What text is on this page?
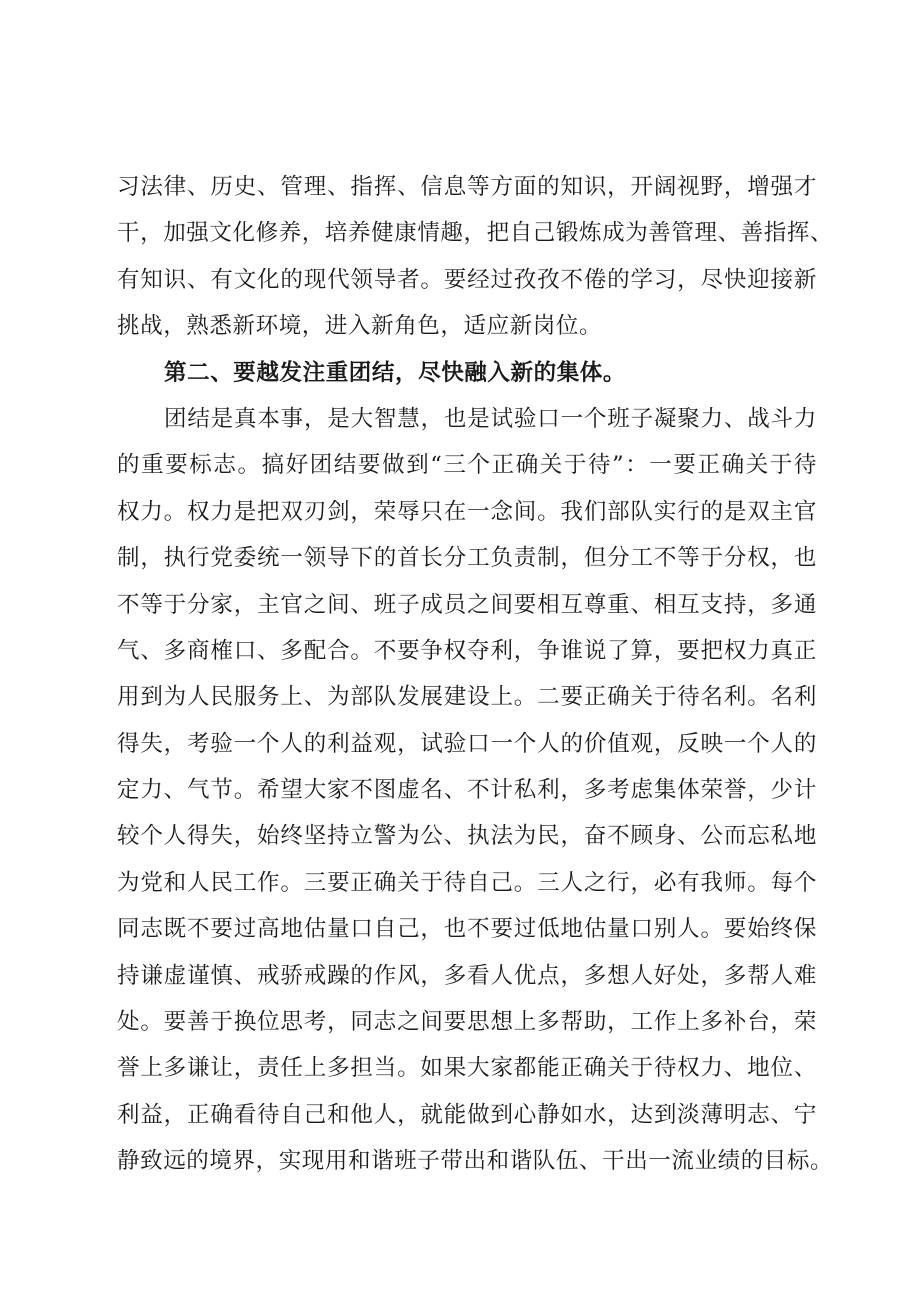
习法律、历史、管理、指挥、信息等方面的知识，开阔视野，增强才
干，加强文化修养，培养健康情趣，把自己锻炼成为善管理、善指挥、
有知识、有文化的现代领导者。要经过孜孜不倦的学习，尽快迎接新
挑战，熟悉新环境，进入新角色，适应新岗位。
第二、要越发注重团结，尽快融入新的集体。
团结是真本事，是大智慧，也是试验口一个班子凝聚力、战斗力
的重要标志。搞好团结要做到“三个正确关于待”：一要正确关于待
权力。权力是把双刃剑，荣辱只在一念间。我们部队实行的是双主官
制，执行党委统一领导下的首长分工负责制，但分工不等于分权，也
不等于分家，主官之间、班子成员之间要相互尊重、相互支持，多通
气、多商榷口、多配合。不要争权夺利，争谁说了算，要把权力真正
用到为人民服务上、为部队发展建设上。二要正确关于待名利。名利
得失，考验一个人的利益观，试验口一个人的价值观，反映一个人的
定力、气节。希望大家不图虚名、不计私利，多考虑集体荣誉，少计
较个人得失，始终坚持立警为公、执法为民，奋不顾身、公而忘私地
为党和人民工作。三要正确关于待自己。三人之行，必有我师。每个
同志既不要过高地估量口自己，也不要过低地估量口别人。要始终保
持谦虚谨慎、戒骄戒躁的作风，多看人优点，多想人好处，多帮人难
处。要善于换位思考，同志之间要思想上多帮助，工作上多补台，荣
誉上多谦让，责任上多担当。如果大家都能正确关于待权力、地位、
利益，正确看待自己和他人，就能做到心静如水，达到淡薄明志、宁
静致远的境界，实现用和谐班子带出和谐队伍、干出一流业绩的目标。
